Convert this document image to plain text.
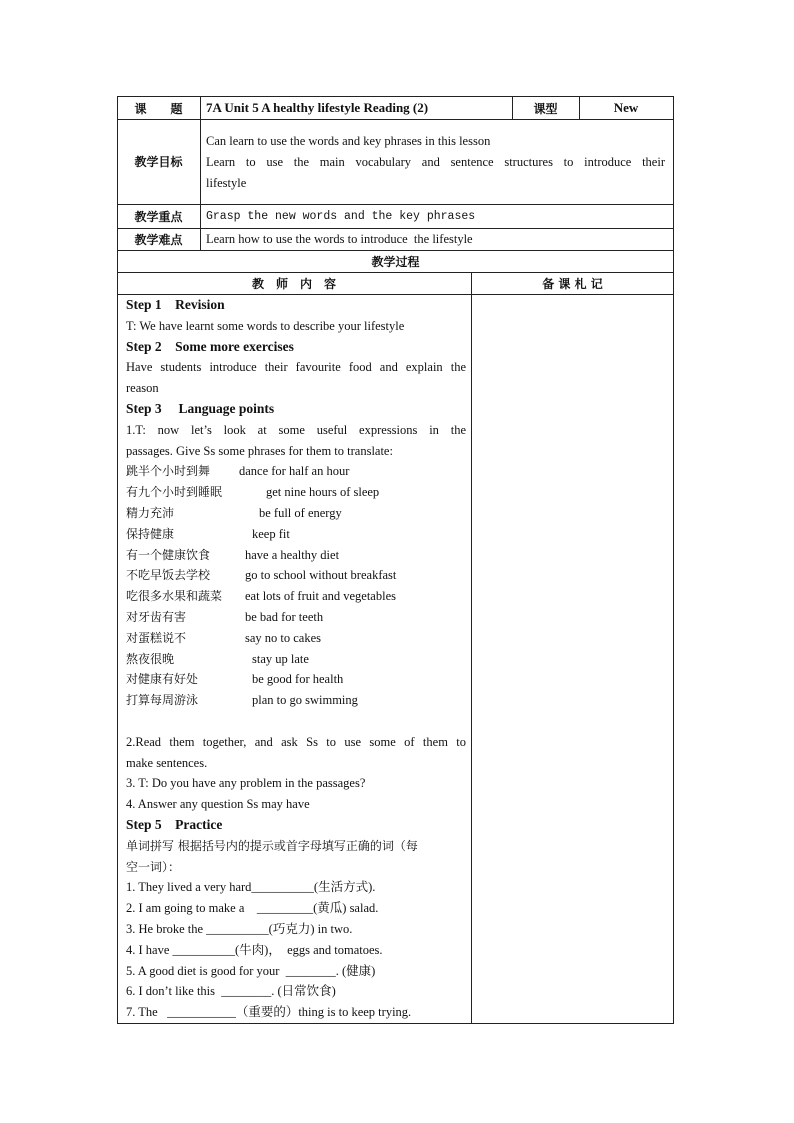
课　　题	7A Unit 5 A healthy lifestyle Reading (2)	课型	New
教学目标
Can learn to use the words and key phrases in this lesson
Learn to use the main vocabulary and sentence structures to introduce their
lifestyle
教学重点	Grasp the new words and the key phrases
教学难点	Learn how to use the words to introduce  the lifestyle
教学过程
教　师　内　容	备 课 札 记
Step 1    Revision
T: We have learnt some words to describe your lifestyle
Step 2    Some more exercises
Have students introduce their favourite food and explain the
reason
Step 3     Language points
1.T: now let’s look at some useful expressions in the
passages. Give Ss some phrases for them to translate:
跳半个小时到舞 dance for half an hour
有九个小时到睡眠	get nine hours of sleep
精力充沛	be full of energy
保持健康	keep fit
有一个健康饮食	have a healthy diet
不吃早饭去学校	go to school without breakfast
吃很多水果和蔬菜 eat lots of fruit and vegetables
对牙齿有害	be bad for teeth
对蛋糕说不	say no to cakes
熬夜很晚	stay up late
对健康有好处	be good for health
打算每周游泳	plan to go swimming
2.Read them together, and ask Ss to use some of them to
make sentences.
3. T: Do you have any problem in the passages?
4. Answer any question Ss may have
Step 5    Practice
单词拼写 根据括号内的提示或首字母填写正确的词（每
空一词）：
1. They lived a very hard__________(生活方式).
2. I am going to make a    _________(黄瓜) salad.
3. He broke the __________(巧克力) in two.
4. I have __________(牛肉)，  eggs and tomatoes.
5. A good diet is good for your  ________. (健康)
6. I don’t like this  ________. (日常饮食)
7. The   ___________（重要的）thing is to keep trying.
